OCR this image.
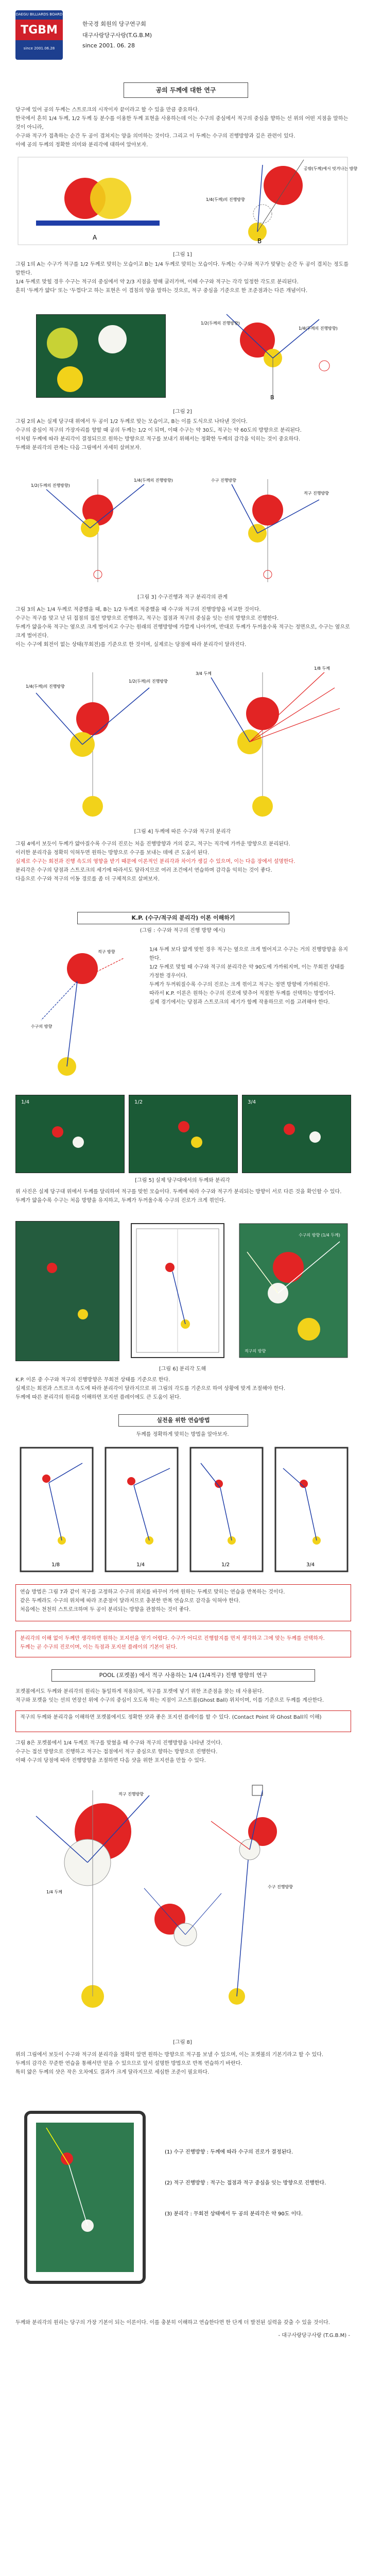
DAEGU BILLIARDS BOARD
TGBM
since 2001.06.28
한국경 회원의 당구연구회
대구사랑당구사랑(T.G.B.M)
since 2001. 06. 28
공의 두께에 대한 연구

당구에 있어 공의 두께는 스트로크의 시작이자 끝이라고 할 수 있을 만큼 중요하다.

한국에서 흔히 1/4 두께, 1/2 두께 등 분수를 이용한 두께 표현을 사용하는데 이는 수구의 중심에서 적구의 중심을 향하는 선 위의 어떤 지점을 말하는 것이 아니라,

수구와 적구가 접촉하는 순간 두 공이 겹쳐지는 양을 의미하는 것이다. 그리고 이 두께는 수구의 진행방향과 깊은 관련이 있다.

이에 공의 두께의 정확한 의미와 분리각에 대하여 알아보자.

A	B
공밖(두께)에서 빗겨나는 방향
1/4(두께)의 진행방향
[그림 1]

그림 1의 A는 수구가 적구를 1/2 두께로 맞히는 모습이고 B는 1/4 두께로 맞히는 모습이다. 두께는 수구와 적구가 맞닿는 순간 두 공이 겹치는 정도를 말한다.

1/4 두께로 맞힐 경우 수구는 적구의 중심에서 약 2/3 지점을 향해 굴러가며, 이때 수구와 적구는 각각 일정한 각도로 분리된다.

흔히 '두께가 얇다' 또는 '두껍다'고 하는 표현은 이 겹침의 양을 말하는 것으로, 적구 중심을 기준으로 한 조준점과는 다른 개념이다.

1/4(두께의 진행방향)
1/2(두께의 진행방향)
B
[그림 2]

그림 2의 A는 실제 당구대 위에서 두 공이 1/2 두께로 맞는 모습이고, B는 이를 도식으로 나타낸 것이다.

수구의 중심이 적구의 가장자리를 향할 때 공의 두께는 1/2 이 되며, 이때 수구는 약 30도, 적구는 약 60도의 방향으로 분리된다.

이처럼 두께에 따라 분리각이 결정되므로 원하는 방향으로 적구를 보내기 위해서는 정확한 두께의 감각을 익히는 것이 중요하다.

두께와 분리각의 관계는 다음 그림에서 자세히 살펴보자.

1/4(두께의 진행방향)
1/2(두께의 진행방향)
적구 진행방향
수구 진행방향
[그림 3] 수구진행과 적구 분리각의 관계

그림 3의 A는 1/4 두께로 적중했을 때, B는 1/2 두께로 적중했을 때 수구와 적구의 진행방향을 비교한 것이다.

수구는 적구를 맞고 난 뒤 접점의 접선 방향으로 진행하고, 적구는 접점과 적구의 중심을 잇는 선의 방향으로 진행한다.

두께가 얇을수록 적구는 옆으로 크게 벌어지고 수구는 원래의 진행방향에 가깝게 나아가며, 반대로 두께가 두꺼울수록 적구는 정면으로, 수구는 옆으로 크게 벌어진다.

이는 수구에 회전이 없는 상태(무회전)를 기준으로 한 것이며, 실제로는 당점에 따라 분리각이 달라진다.

1/4(두께)의 진행방향
1/2(두께)의 진행방향
1/8 두께
3/4 두께
[그림 4] 두께에 따른 수구와 적구의 분리각

그림 4에서 보듯이 두께가 얇아질수록 수구의 진로는 처음 진행방향과 거의 같고, 적구는 직각에 가까운 방향으로 분리된다.

이러한 분리각을 정확히 익혀두면 원하는 방향으로 수구를 보내는 데에 큰 도움이 된다.

실제로 수구는 회전과 진행 속도의 영향을 받기 때문에 이론적인 분리각과 차이가 생길 수 있으며, 이는 다음 장에서 설명한다.

분리각은 수구의 당점과 스트로크의 세기에 따라서도 달라지므로 여러 조건에서 연습하며 감각을 익히는 것이 좋다.

다음으로 수구와 적구의 이동 경로를 좀 더 구체적으로 살펴보자.

K.P. (수구/적구의 분리각) 이론 이해하기
(그림 : 수구와 적구의 진행 방향 예시)
수구의 방향
적구 방향	1/4 두께 보다 얇게 맞힌 경우 적구는 옆으로 크게 벌어지고 수구는 거의 진행방향을 유지한다.

1/2 두께로 맞힐 때 수구와 적구의 분리각은 약 90도에 가까워지며, 이는 무회전 상태를 가정한 경우이다.

두께가 두꺼워질수록 수구의 진로는 크게 꺾이고 적구는 정면 방향에 가까워진다.

따라서 K.P. 이론은 원하는 수구의 진로에 맞추어 적절한 두께를 선택하는 방법이다.

실제 경기에서는 당점과 스트로크의 세기가 함께 작용하므로 이를 고려해야 한다.

1/4	1/2	3/4
[그림 5] 실제 당구대에서의 두께와 분리각

위 사진은 실제 당구대 위에서 두께를 달리하여 적구를 맞힌 모습이다. 두께에 따라 수구와 적구가 분리되는 방향이 서로 다른 것을 확인할 수 있다.

두께가 얇을수록 수구는 처음 방향을 유지하고, 두께가 두꺼울수록 수구의 진로가 크게 꺾인다.

수구의 방향 (1/4 두께)
적구의 방향
[그림 6] 분리각 도해

K.P. 이론 중 수구와 적구의 진행방향은 무회전 상태를 기준으로 한다.

실제로는 회전과 스트로크 속도에 따라 분리각이 달라지므로 위 그림의 각도를 기준으로 하여 상황에 맞게 조절해야 한다.

두께에 따른 분리각의 원리를 이해하면 포지션 플레이에도 큰 도움이 된다.

실전을 위한 연습방법
두께를 정확하게 맞히는 방법을 알아보자.
1/8	1/4	1/2	3/4

연습 방법은 그림 7과 같이 적구를 고정하고 수구의 위치를 바꾸어 가며 원하는 두께로 맞히는 연습을 반복하는 것이다.

같은 두께라도 수구의 위치에 따라 조준점이 달라지므로 충분한 반복 연습으로 감각을 익혀야 한다.

처음에는 천천히 스트로크하며 두 공이 분리되는 방향을 관찰하는 것이 좋다.

분리각의 이해 없이 두께만 생각하면 원하는 포지션을 얻기 어렵다. 수구가 어디로 진행할지를 먼저 생각하고 그에 맞는 두께를 선택하자.

두께는 곧 수구의 진로이며, 이는 득점과 포지션 플레이의 기본이 된다.

POOL (포켓볼) 에서 적구 사용하는 1/4 (1/4적구) 진행 방향의 연구

포켓볼에서도 두께와 분리각의 원리는 동일하게 적용되며, 적구를 포켓에 넣기 위한 조준점을 찾는 데 사용된다.

적구와 포켓을 잇는 선의 연장선 위에 수구의 중심이 오도록 하는 지점이 고스트볼(Ghost Ball) 위치이며, 이를 기준으로 두께를 계산한다.

적구의 두께와 분리각을 이해하면 포켓볼에서도 정확한 샷과 좋은 포지션 플레이를 할 수 있다. (Contact Point 와 Ghost Ball의 이해)

그림 8은 포켓볼에서 1/4 두께로 적구를 맞혔을 때 수구와 적구의 진행방향을 나타낸 것이다.

수구는 접선 방향으로 진행하고 적구는 접점에서 적구 중심으로 향하는 방향으로 진행한다.

이때 수구의 당점에 따라 진행방향을 조절하면 다음 샷을 위한 포지션을 만들 수 있다.

적구 진행방향
1/4 두께
수구 진행방향
[그림 8]

위의 그림에서 보듯이 수구와 적구의 분리각을 정확히 알면 원하는 방향으로 적구를 보낼 수 있으며, 이는 포켓볼의 기본기라고 할 수 있다.

두께의 감각은 꾸준한 연습을 통해서만 얻을 수 있으므로 앞서 설명한 방법으로 반복 연습하기 바란다.

특히 얇은 두께의 샷은 작은 오차에도 결과가 크게 달라지므로 세심한 조준이 필요하다.

(1) 수구 진행방향 : 두께에 따라 수구의 진로가 결정된다.
(2) 적구 진행방향 : 적구는 접점과 적구 중심을 잇는 방향으로 진행한다.
(3) 분리각 : 무회전 상태에서 두 공의 분리각은 약 90도 이다.

두께와 분리각의 원리는 당구의 가장 기본이 되는 이론이다. 이를 충분히 이해하고 연습한다면 한 단계 더 발전된 실력을 갖출 수 있을 것이다.

- 대구사랑당구사랑 (T.G.B.M) -
